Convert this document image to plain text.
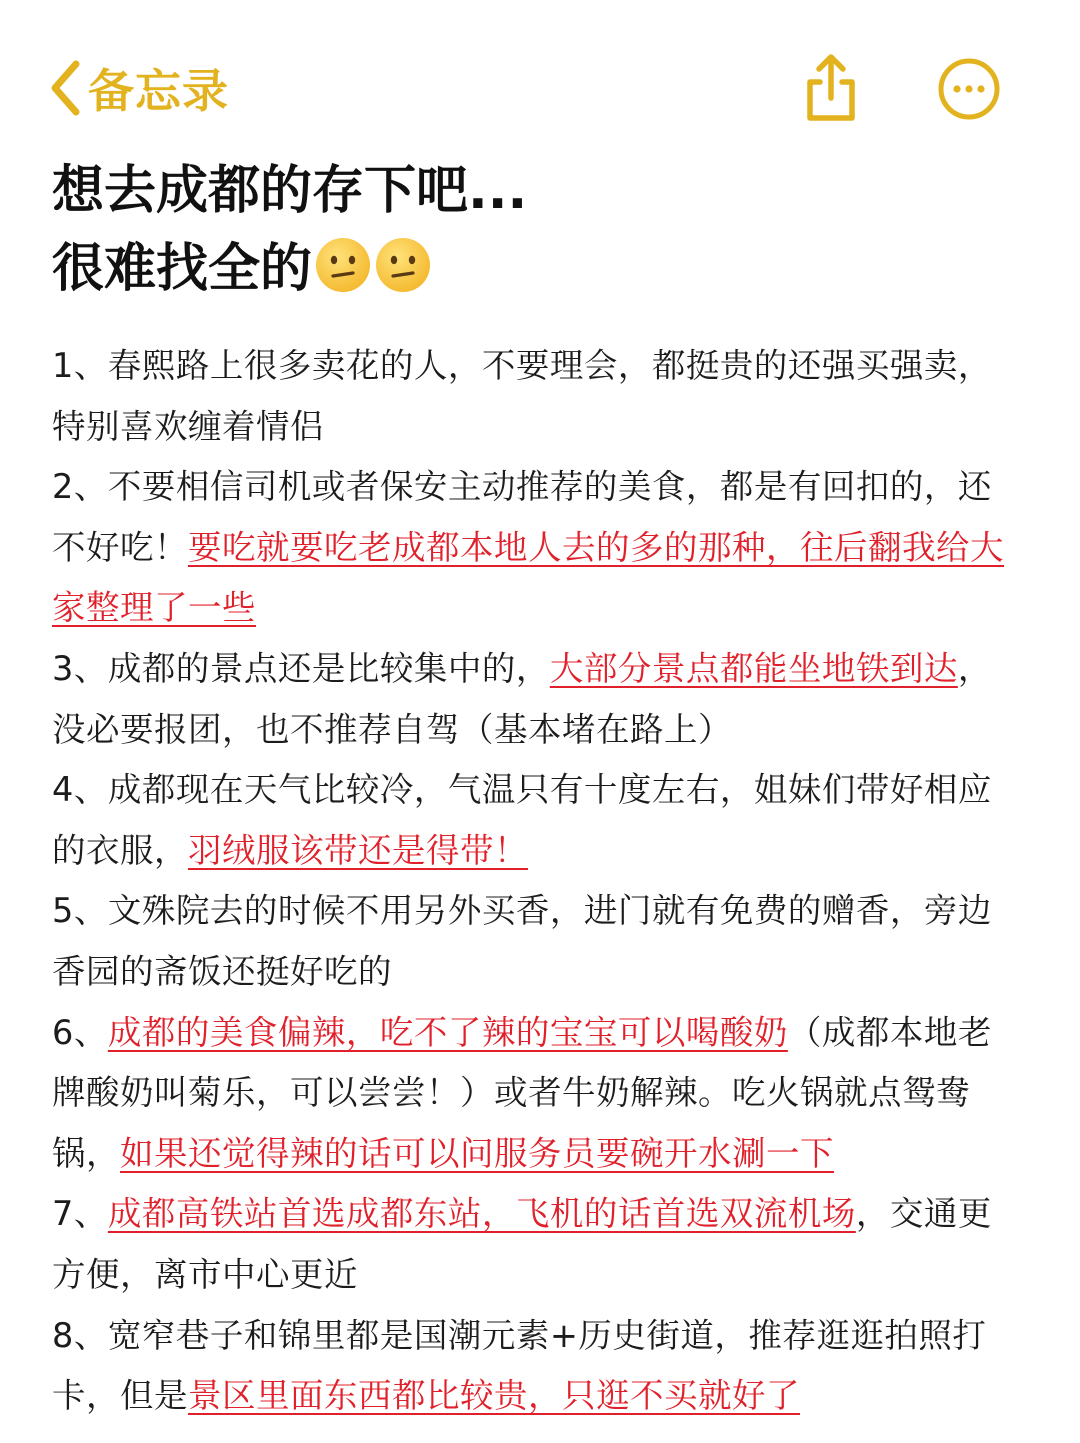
备忘录
想去成都的存下吧...
很难找全的

1、春熙路上很多卖花的人，不要理会，都挺贵的还强买强卖，特别喜欢缠着情侣

2、不要相信司机或者保安主动推荐的美食，都是有回扣的，还不好吃！要吃就要吃老成都本地人去的多的那种，往后翻我给大家整理了一些

3、成都的景点还是比较集中的，大部分景点都能坐地铁到达，没必要报团，也不推荐自驾（基本堵在路上）

4、成都现在天气比较冷，气温只有十度左右，姐妹们带好相应的衣服，羽绒服该带还是得带！

5、文殊院去的时候不用另外买香，进门就有免费的赠香，旁边香园的斋饭还挺好吃的

6、成都的美食偏辣，吃不了辣的宝宝可以喝酸奶（成都本地老牌酸奶叫菊乐，可以尝尝！）或者牛奶解辣。吃火锅就点鸳鸯锅，如果还觉得辣的话可以问服务员要碗开水涮一下

7、成都高铁站首选成都东站，飞机的话首选双流机场，交通更方便，离市中心更近

8、宽窄巷子和锦里都是国潮元素+历史街道，推荐逛逛拍照打卡，但是景区里面东西都比较贵，只逛不买就好了
